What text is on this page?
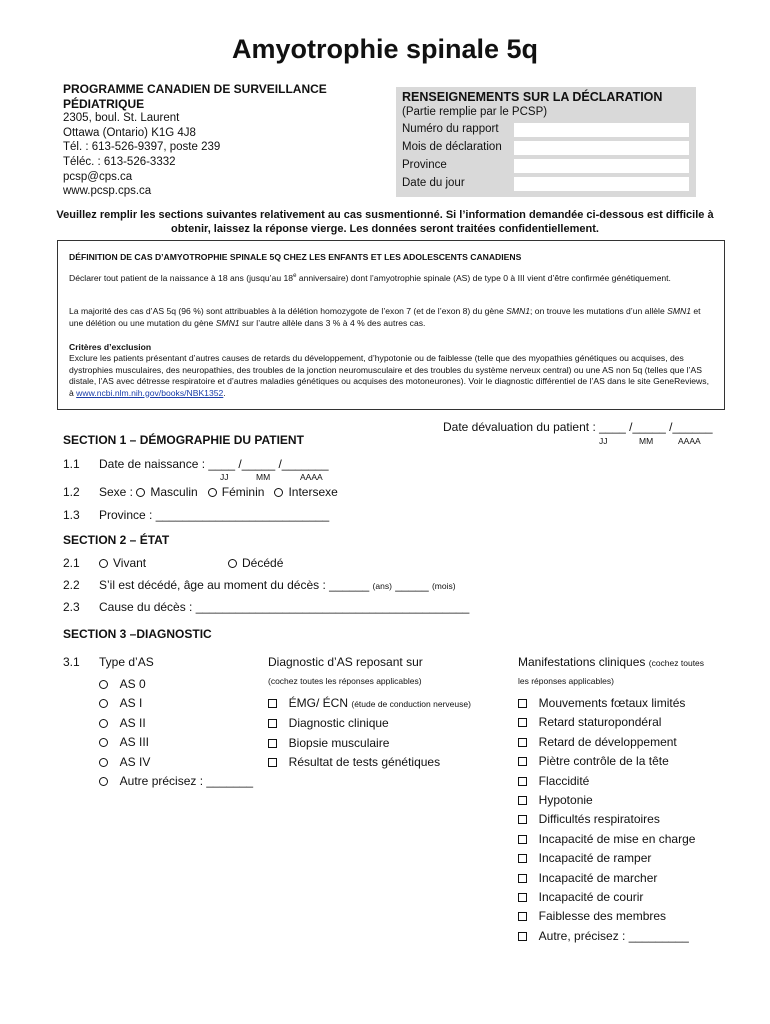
Amyotrophie spinale 5q
PROGRAMME CANADIEN DE SURVEILLANCE
PÉDIATRIQUE
2305, boul. St. Laurent
Ottawa (Ontario) K1G 4J8
Tél. : 613-526-9397, poste 239
Téléc. : 613-526-3332
pcsp@cps.ca
www.pcsp.cps.ca
RENSEIGNEMENTS SUR LA DÉCLARATION
(Partie remplie par le PCSP)
Numéro du rapport
Mois de déclaration
Province
Date du jour
Veuillez remplir les sections suivantes relativement au cas susmentionné. Si l’information demandée ci-dessous est difficile à
obtenir, laissez la réponse vierge. Les données seront traitées confidentiellement.

DÉFINITION DE CAS D’AMYOTROPHIE SPINALE 5Q CHEZ LES ENFANTS ET LES ADOLESCENTS CANADIENS

Déclarer tout patient de la naissance à 18 ans (jusqu’au 18e anniversaire) dont l’amyotrophie spinale (AS) de type 0 à III vient d’être confirmée génétiquement.

La majorité des cas d’AS 5q (96 %) sont attribuables à la délétion homozygote de l’exon 7 (et de l’exon 8) du gène SMN1; on trouve les mutations d’un allèle SMN1 et une délétion ou une mutation du gène SMN1 sur l’autre allèle dans 3 % à 4 % des autres cas.

Critères d’exclusion

Exclure les patients présentant d’autres causes de retards du développement, d’hypotonie ou de faiblesse (telle que des myopathies génétiques ou acquises, des dystrophies musculaires, des neuropathies, des troubles de la jonction neuromusculaire et des troubles du système nerveux central) ou une AS non 5q (telles que l’AS distale, l’AS avec détresse respiratoire et d’autres maladies génétiques ou acquises des motoneurones). Voir le diagnostic différentiel de l’AS dans le site GeneReviews, à www.ncbi.nlm.nih.gov/books/NBK1352.

Date dévaluation du patient : ____ /_____ /______
JJ	MM	AAAA
SECTION 1 – DÉMOGRAPHIE DU PATIENT
1.1 Date de naissance : ____ /_____ /_______
JJ	MM	AAAA
1.2 Sexe : Masculin Féminin Intersexe
1.3 Province : __________________________
SECTION 2 – ÉTAT
2.1	Vivant	Décédé
2.2 S’il est décédé, âge au moment du décès : ______ (ans) _____ (mois)
2.3 Cause du décès : _________________________________________
SECTION 3 –DIAGNOSTIC
3.1 Type d’AS
AS 0
AS I
AS II
AS III
AS IV
Autre précisez : _______
Diagnostic d’AS reposant sur
(cochez toutes les réponses applicables)
ÉMG/ ÉCN (étude de conduction nerveuse)
Diagnostic clinique
Biopsie musculaire
Résultat de tests génétiques
Manifestations cliniques (cochez toutes
les réponses applicables)
Mouvements fœtaux limités
Retard staturopondéral
Retard de développement
Piètre contrôle de la tête
Flaccidité
Hypotonie
Difficultés respiratoires
Incapacité de mise en charge
Incapacité de ramper
Incapacité de marcher
Incapacité de courir
Faiblesse des membres
Autre, précisez : _________
